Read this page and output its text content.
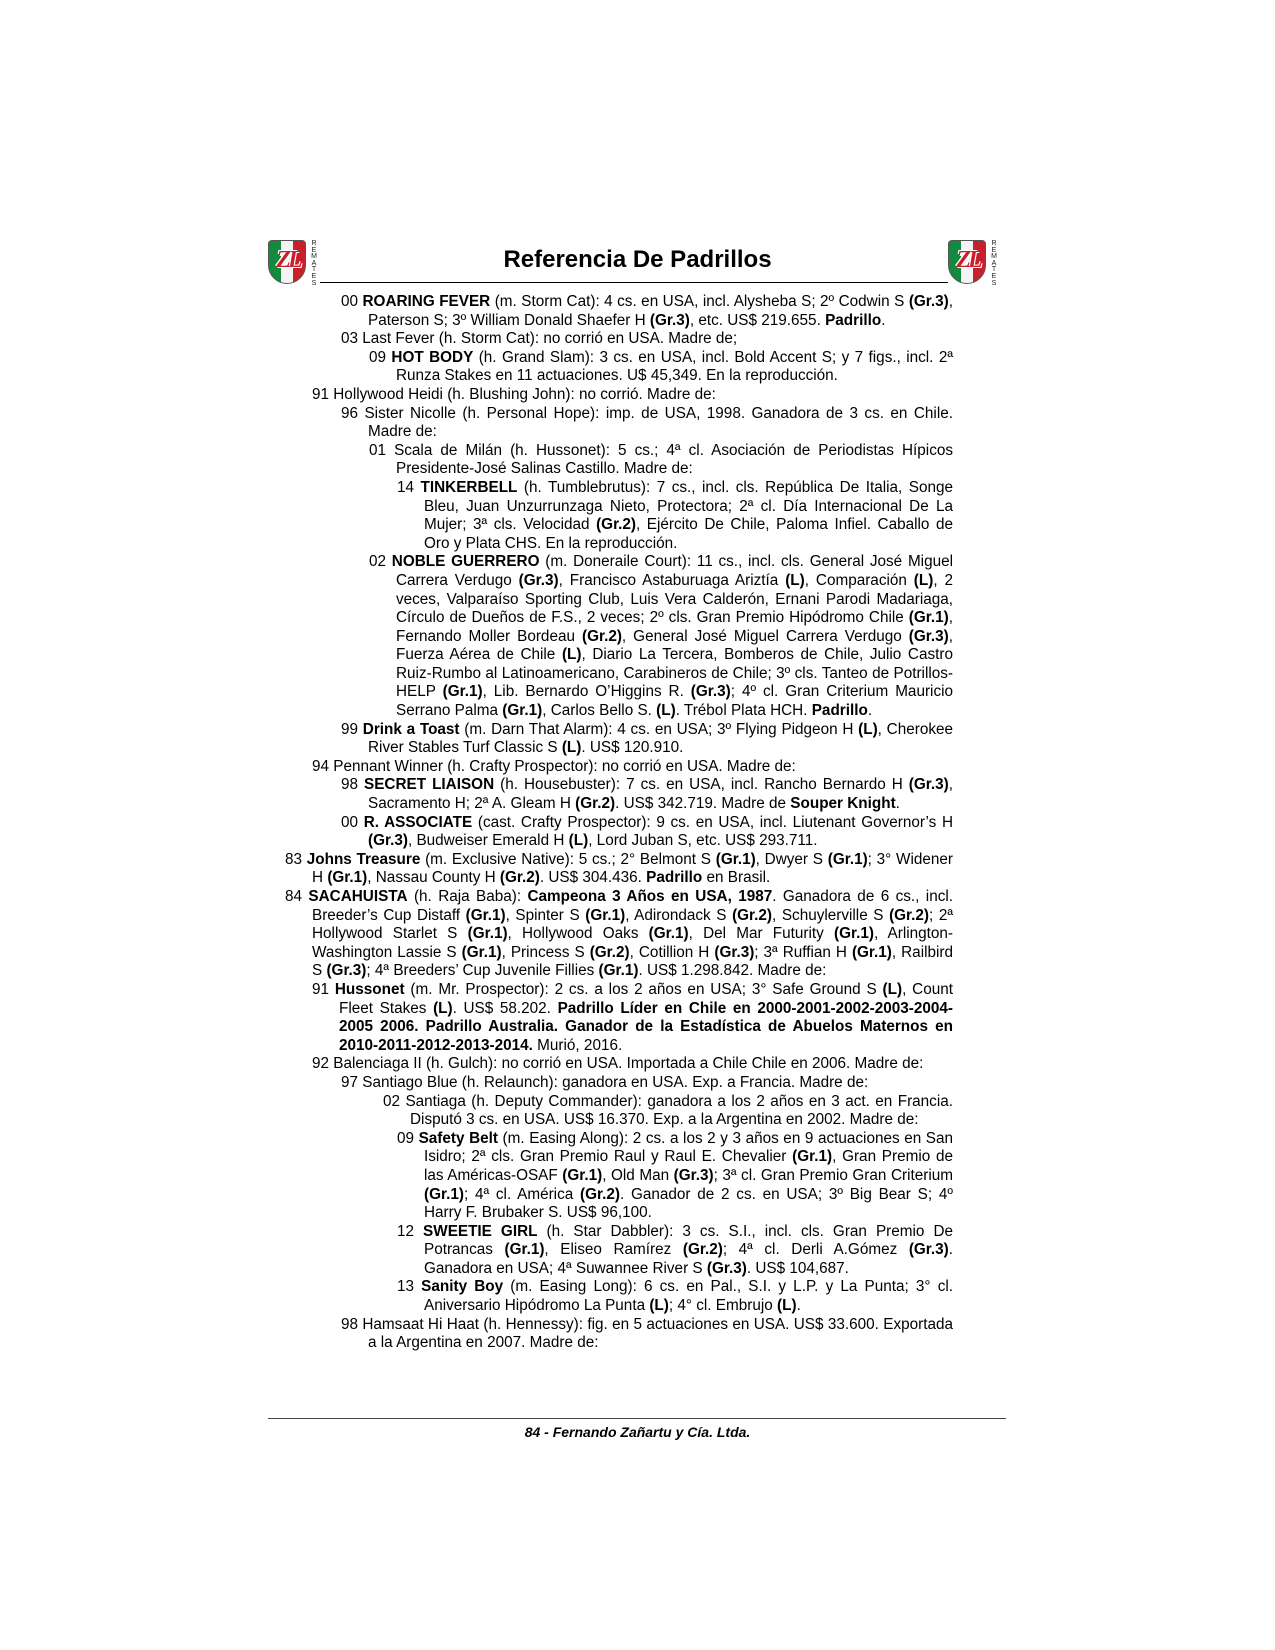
ZL
R
E
M
A
T
E
S
Referencia De Padrillos	ZL
R
E
M
A
T
E
S
00 ROARING FEVER (m. Storm Cat): 4 cs. en USA, incl. Alysheba S; 2º Codwin S (Gr.3), Paterson S; 3º William Donald Shaefer H (Gr.3), etc. US$ 219.655. Padrillo.
03 Last Fever (h. Storm Cat): no corrió en USA. Madre de;
09 HOT BODY (h. Grand Slam): 3 cs. en USA, incl. Bold Accent S; y 7 figs., incl. 2ª Runza Stakes en 11 actuaciones. U$ 45,349. En la reproducción.
91 Hollywood Heidi (h. Blushing John): no corrió. Madre de:
96 Sister Nicolle (h. Personal Hope): imp. de USA, 1998. Ganadora de 3 cs. en Chile. Madre de:
01 Scala de Milán (h. Hussonet): 5 cs.; 4ª cl. Asociación de Periodistas Hípicos Presidente-José Salinas Castillo. Madre de:
14 TINKERBELL (h. Tumblebrutus): 7 cs., incl. cls. República De Italia, Songe Bleu, Juan Unzurrunzaga Nieto, Protectora; 2ª cl. Día Internacional De La Mujer; 3ª cls. Velocidad (Gr.2), Ejército De Chile, Paloma Infiel. Caballo de Oro y Plata CHS. En la reproducción.
02 NOBLE GUERRERO (m. Doneraile Court): 11 cs., incl. cls. General José Miguel Carrera Verdugo (Gr.3), Francisco Astaburuaga Ariztía (L), Comparación (L), 2 veces, Valparaíso Sporting Club, Luis Vera Calderón, Ernani Parodi Madariaga, Círculo de Dueños de F.S., 2 veces; 2º cls. Gran Premio Hipódromo Chile (Gr.1), Fernando Moller Bordeau (Gr.2), General José Miguel Carrera Verdugo (Gr.3), Fuerza Aérea de Chile (L), Diario La Tercera, Bomberos de Chile, Julio Castro Ruiz-Rumbo al Latinoamericano, Carabineros de Chile; 3º cls. Tanteo de Potrillos-HELP (Gr.1), Lib. Bernardo O’Higgins R. (Gr.3); 4º cl. Gran Criterium Mauricio Serrano Palma (Gr.1), Carlos Bello S. (L). Trébol Plata HCH. Padrillo.
99 Drink a Toast (m. Darn That Alarm): 4 cs. en USA; 3º Flying Pidgeon H (L), Cherokee River Stables Turf Classic S (L). US$ 120.910.
94 Pennant Winner (h. Crafty Prospector): no corrió en USA. Madre de:
98 SECRET LIAISON (h. Housebuster): 7 cs. en USA, incl. Rancho Bernardo H (Gr.3), Sacramento H; 2ª A. Gleam H (Gr.2). US$ 342.719. Madre de Souper Knight.
00 R. ASSOCIATE (cast. Crafty Prospector): 9 cs. en USA, incl. Liutenant Governor’s H (Gr.3), Budweiser Emerald H (L), Lord Juban S, etc. US$ 293.711.
83 Johns Treasure (m. Exclusive Native): 5 cs.; 2° Belmont S (Gr.1), Dwyer S (Gr.1); 3° Widener H (Gr.1), Nassau County H (Gr.2). US$ 304.436. Padrillo en Brasil.
84 SACAHUISTA (h. Raja Baba): Campeona 3 Años en USA, 1987. Ganadora de 6 cs., incl. Breeder’s Cup Distaff (Gr.1), Spinter S (Gr.1), Adirondack S (Gr.2), Schuylerville S (Gr.2); 2ª Hollywood Starlet S (Gr.1), Hollywood Oaks (Gr.1), Del Mar Futurity (Gr.1), Arlington-Washington Lassie S (Gr.1), Princess S (Gr.2), Cotillion H (Gr.3); 3ª Ruffian H (Gr.1), Railbird S (Gr.3); 4ª Breeders’ Cup Juvenile Fillies (Gr.1). US$ 1.298.842. Madre de:
91 Hussonet (m. Mr. Prospector): 2 cs. a los 2 años en USA; 3° Safe Ground S (L), Count Fleet Stakes (L). US$ 58.202. Padrillo Líder en Chile en 2000-2001-2002-2003-2004-2005 2006. Padrillo Australia. Ganador de la Estadística de Abuelos Maternos en 2010-2011-2012-2013-2014. Murió, 2016.
92 Balenciaga II (h. Gulch): no corrió en USA. Importada a Chile Chile en 2006. Madre de:
97 Santiago Blue (h. Relaunch): ganadora en USA. Exp. a Francia. Madre de:
02 Santiaga (h. Deputy Commander): ganadora a los 2 años en 3 act. en Francia. Disputó 3 cs. en USA. US$ 16.370. Exp. a la Argentina en 2002. Madre de:
09 Safety Belt (m. Easing Along): 2 cs. a los 2 y 3 años en 9 actuaciones en San Isidro; 2ª cls. Gran Premio Raul y Raul E. Chevalier (Gr.1), Gran Premio de las Américas-OSAF (Gr.1), Old Man (Gr.3); 3ª cl. Gran Premio Gran Criterium (Gr.1); 4ª cl. América (Gr.2). Ganador de 2 cs. en USA; 3º Big Bear S; 4º Harry F. Brubaker S. US$ 96,100.
12 SWEETIE GIRL (h. Star Dabbler): 3 cs. S.I., incl. cls. Gran Premio De Potrancas (Gr.1), Eliseo Ramírez (Gr.2); 4ª cl. Derli A.Gómez (Gr.3). Ganadora en USA; 4ª Suwannee River S (Gr.3). US$ 104,687.
13 Sanity Boy (m. Easing Long): 6 cs. en Pal., S.I. y L.P. y La Punta; 3° cl. Aniversario Hipódromo La Punta (L); 4° cl. Embrujo (L).
98 Hamsaat Hi Haat (h. Hennessy): fig. en 5 actuaciones en USA. US$ 33.600. Exportada a la Argentina en 2007. Madre de:
84 - Fernando Zañartu y Cía. Ltda.
